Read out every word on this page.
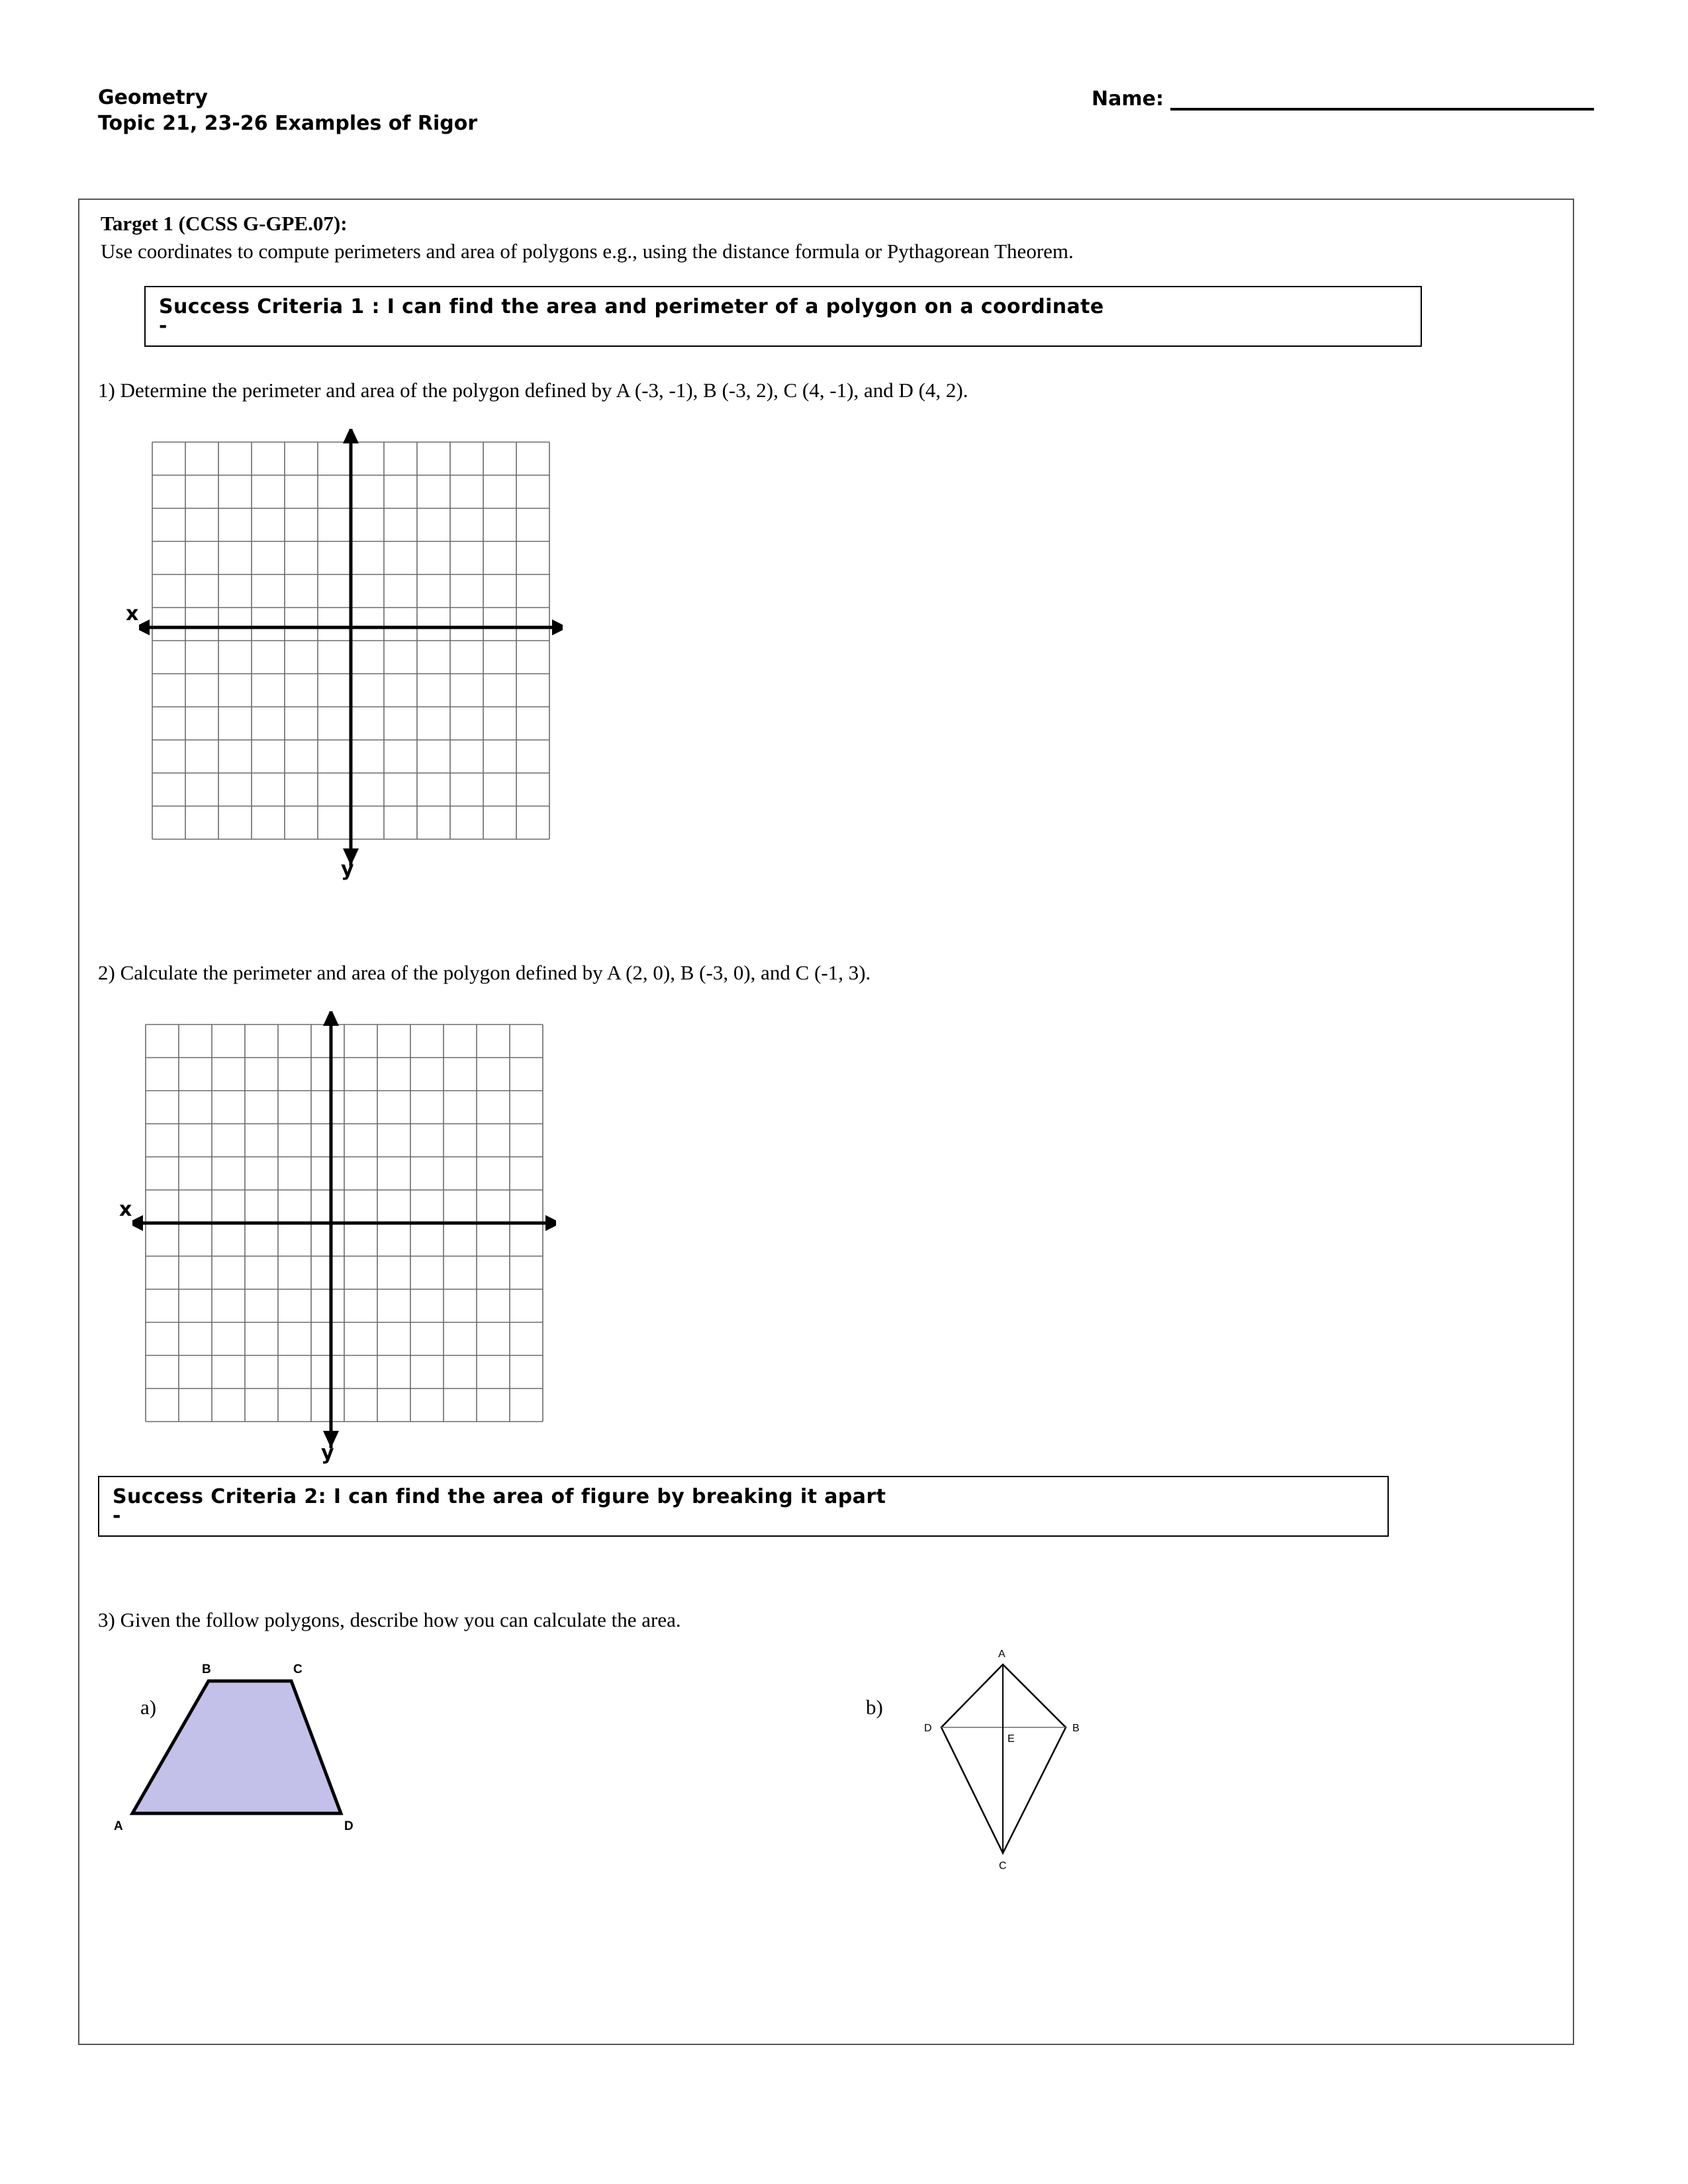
Geometry
Topic 21, 23-26 Examples of Rigor
Name:
Target 1 (CCSS G-GPE.07):
Use coordinates to compute perimeters and area of polygons e.g., using the distance formula or Pythagorean Theorem.
Success Criteria 1 : I can find the area and perimeter of a polygon on a coordinate
-
1) Determine the perimeter and area of the polygon defined by A (-3, -1), B (-3, 2), C (4, -1), and D (4, 2).
x
y
2) Calculate the perimeter and area of the polygon defined by A (2, 0), B (-3, 0), and C (-1, 3).
x
y
Success Criteria 2: I can find the area of figure by breaking it apart
-
3) Given the follow polygons, describe how you can calculate the area.
a)	b)
B	C
A	D
A
D	B
E
C
